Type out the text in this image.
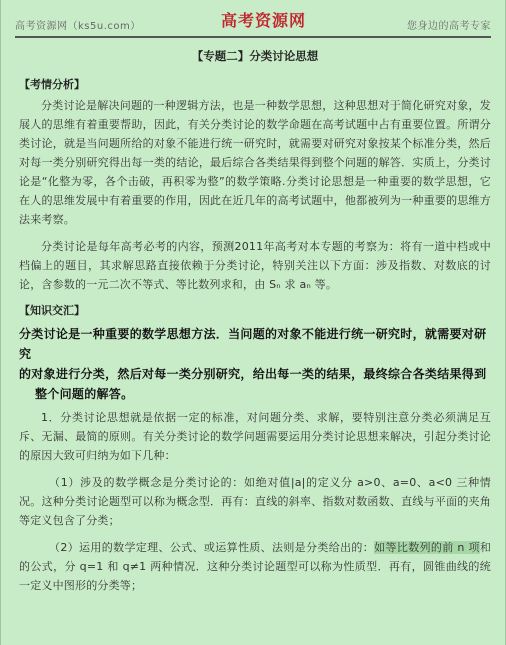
高考资源网（ks5u.com）	高考资源网	您身边的高考专家
【专题二】分类讨论思想
【考情分析】

分类讨论是解决问题的一种逻辑方法，也是一种数学思想，这种思想对于简化研究对象，发展人的思维有着重要帮助，因此，有关分类讨论的数学命题在高考试题中占有重要位置。所谓分类讨论，就是当问题所给的对象不能进行统一研究时，就需要对研究对象按某个标准分类，然后对每一类分别研究得出每一类的结论，最后综合各类结果得到整个问题的解答．实质上，分类讨论是“化整为零，各个击破，再积零为整”的数学策略.分类讨论思想是一种重要的数学思想，它在人的思维发展中有着重要的作用，因此在近几年的高考试题中，他都被列为一种重要的思维方法来考察。

分类讨论是每年高考必考的内容，预测2011年高考对本专题的考察为：将有一道中档或中档偏上的题目，其求解思路直接依赖于分类讨论，特别关注以下方面：涉及指数、对数底的讨论，含参数的一元二次不等式、等比数列求和，由 Sₙ 求 aₙ 等。

【知识交汇】
分类讨论是一种重要的数学思想方法．当问题的对象不能进行统一研究时，就需要对研究
的对象进行分类，然后对每一类分别研究，给出每一类的结果，最终综合各类结果得到

整个问题的解答。

1．分类讨论思想就是依据一定的标准，对问题分类、求解，要特别注意分类必须满足互斥、无漏、最简的原则。有关分类讨论的数学问题需要运用分类讨论思想来解决，引起分类讨论的原因大致可归纳为如下几种：

（1）涉及的数学概念是分类讨论的：如绝对值|a|的定义分 a>0、a=0、a<0 三种情况。这种分类讨论题型可以称为概念型．再有：直线的斜率、指数对数函数、直线与平面的夹角等定义包含了分类；

（2）运用的数学定理、公式、或运算性质、法则是分类给出的：如等比数列的前 n 项和的公式，分 q=1 和 q≠1 两种情况．这种分类讨论题型可以称为性质型．再有，圆锥曲线的统一定义中图形的分类等；
